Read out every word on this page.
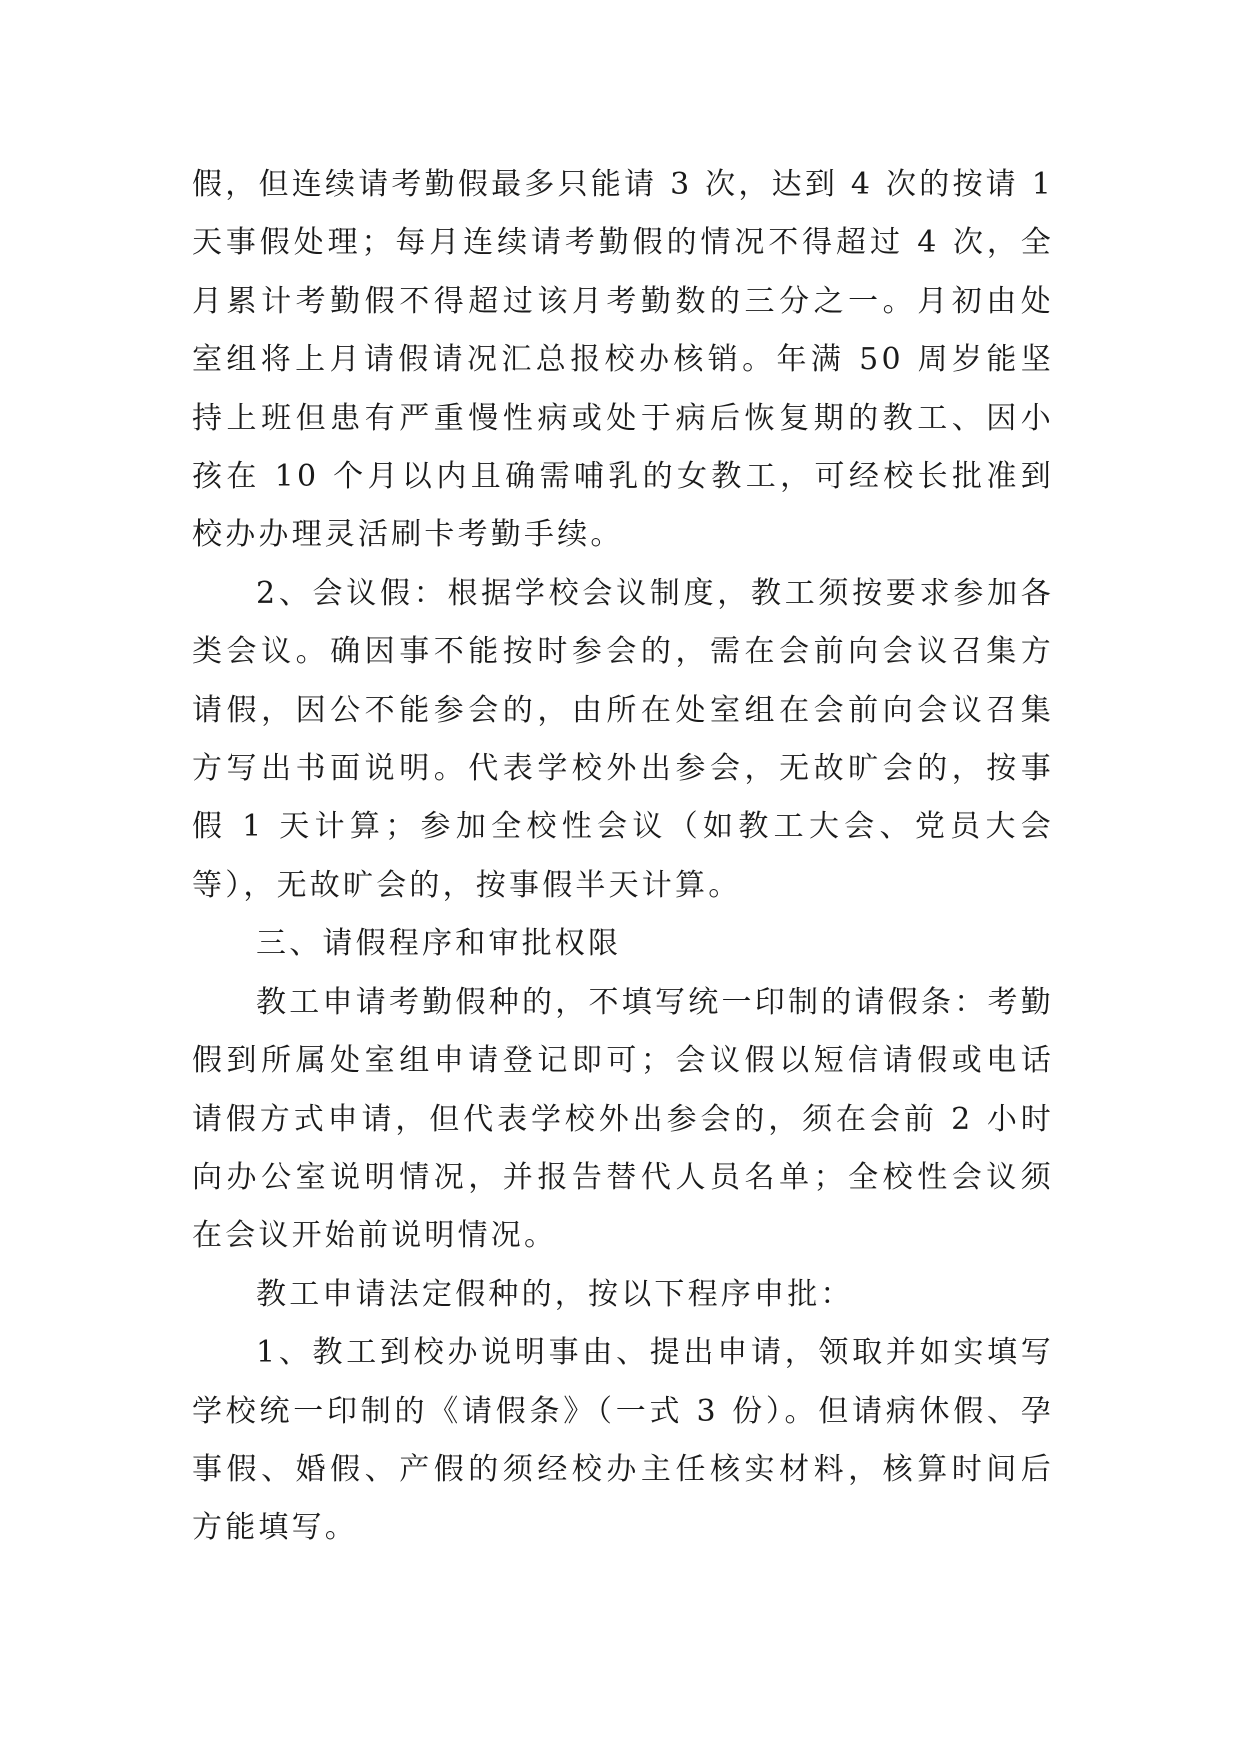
假，但连续请考勤假最多只能请 3 次，达到 4 次的按请 1 天事假处理；每月连续请考勤假的情况不得超过 4 次，全月累计考勤假不得超过该月考勤数的三分之一。月初由处室组将上月请假请况汇总报校办核销。年满 50 周岁能坚持上班但患有严重慢性病或处于病后恢复期的教工、因小孩在 10 个月以内且确需哺乳的女教工，可经校长批准到校办办理灵活刷卡考勤手续。

2、会议假：根据学校会议制度，教工须按要求参加各类会议。确因事不能按时参会的，需在会前向会议召集方请假，因公不能参会的，由所在处室组在会前向会议召集方写出书面说明。代表学校外出参会，无故旷会的，按事假 1 天计算；参加全校性会议（如教工大会、党员大会等），无故旷会的，按事假半天计算。

三、请假程序和审批权限

教工申请考勤假种的，不填写统一印制的请假条：考勤假到所属处室组申请登记即可；会议假以短信请假或电话请假方式申请，但代表学校外出参会的，须在会前 2 小时向办公室说明情况，并报告替代人员名单；全校性会议须在会议开始前说明情况。

教工申请法定假种的，按以下程序申批：

1、教工到校办说明事由、提出申请，领取并如实填写学校统一印制的《请假条》（一式 3 份）。但请病休假、孕事假、婚假、产假的须经校办主任核实材料，核算时间后方能填写。
